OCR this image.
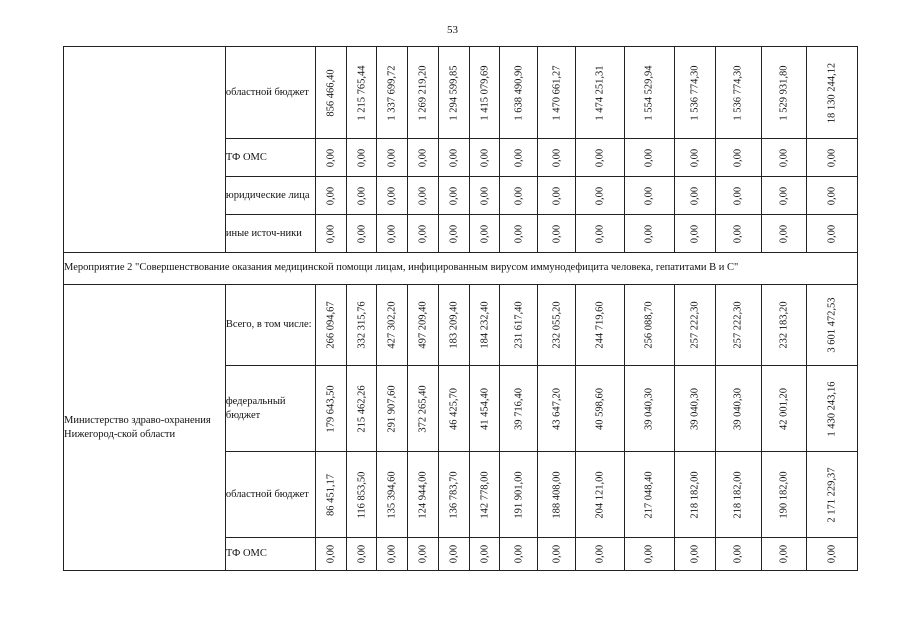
53
	областной бюджет	856 466,40	1 215 765,44	1 337 699,72	1 269 219,20	1 294 599,85	1 415 079,69	1 638 490,90	1 470 661,27	1 474 251,31	1 554 529,94	1 536 774,30	1 536 774,30	1 529 931,80	18 130 244,12

	ТФ ОМС	0,00	0,00	0,00	0,00	0,00	0,00	0,00	0,00	0,00	0,00	0,00	0,00	0,00	0,00

	юридические лица	0,00	0,00	0,00	0,00	0,00	0,00	0,00	0,00	0,00	0,00	0,00	0,00	0,00	0,00

	иные источ-ники	0,00	0,00	0,00	0,00	0,00	0,00	0,00	0,00	0,00	0,00	0,00	0,00	0,00	0,00

Мероприятие 2 "Совершенствование оказания медицинской помощи лицам, инфицированным вирусом иммунодефицита человека, гепатитами В и С"															
Министерство здраво-охранения Нижегород-ской области	Всего, в том числе:	266 094,67	332 315,76	427 302,20	497 209,40	183 209,40	184 232,40	231 617,40	232 055,20	244 719,60	256 088,70	257 222,30	257 222,30	232 183,20	3 601 472,53

	федеральный бюджет	179 643,50	215 462,26	291 907,60	372 265,40	46 425,70	41 454,40	39 716,40	43 647,20	40 598,60	39 040,30	39 040,30	39 040,30	42 001,20	1 430 243,16

	областной бюджет	86 451,17	116 853,50	135 394,60	124 944,00	136 783,70	142 778,00	191 901,00	188 408,00	204 121,00	217 048,40	218 182,00	218 182,00	190 182,00	2 171 229,37

	ТФ ОМС	0,00	0,00	0,00	0,00	0,00	0,00	0,00	0,00	0,00	0,00	0,00	0,00	0,00	0,00
